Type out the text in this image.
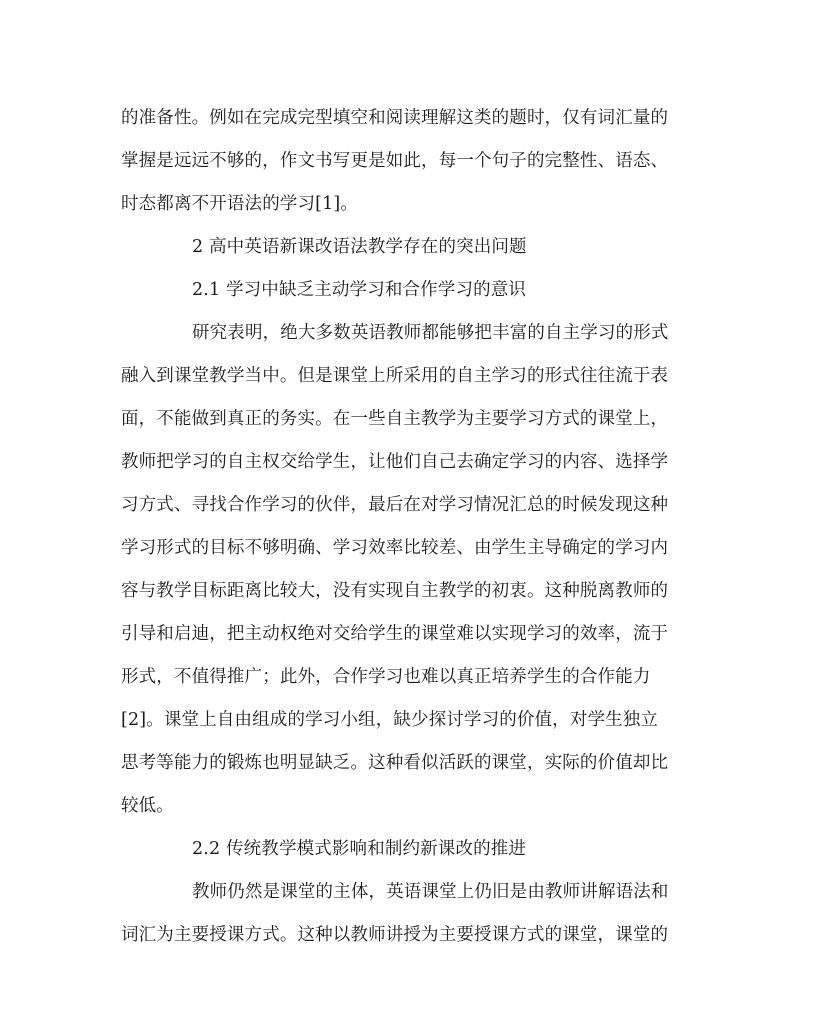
的准备性。例如在完成完型填空和阅读理解这类的题时，仅有词汇量的
掌握是远远不够的，作文书写更是如此，每一个句子的完整性、语态、
时态都离不开语法的学习[1]。
2 高中英语新课改语法教学存在的突出问题
2.1 学习中缺乏主动学习和合作学习的意识
研究表明，绝大多数英语教师都能够把丰富的自主学习的形式
融入到课堂教学当中。但是课堂上所采用的自主学习的形式往往流于表
面，不能做到真正的务实。在一些自主教学为主要学习方式的课堂上，
教师把学习的自主权交给学生，让他们自己去确定学习的内容、选择学
习方式、寻找合作学习的伙伴，最后在对学习情况汇总的时候发现这种
学习形式的目标不够明确、学习效率比较差、由学生主导确定的学习内
容与教学目标距离比较大，没有实现自主教学的初衷。这种脱离教师的
引导和启迪，把主动权绝对交给学生的课堂难以实现学习的效率，流于
形式，不值得推广；此外，合作学习也难以真正培养学生的合作能力
[2]。课堂上自由组成的学习小组，缺少探讨学习的价值，对学生独立
思考等能力的锻炼也明显缺乏。这种看似活跃的课堂，实际的价值却比
较低。
2.2 传统教学模式影响和制约新课改的推进
教师仍然是课堂的主体，英语课堂上仍旧是由教师讲解语法和
词汇为主要授课方式。这种以教师讲授为主要授课方式的课堂，课堂的
